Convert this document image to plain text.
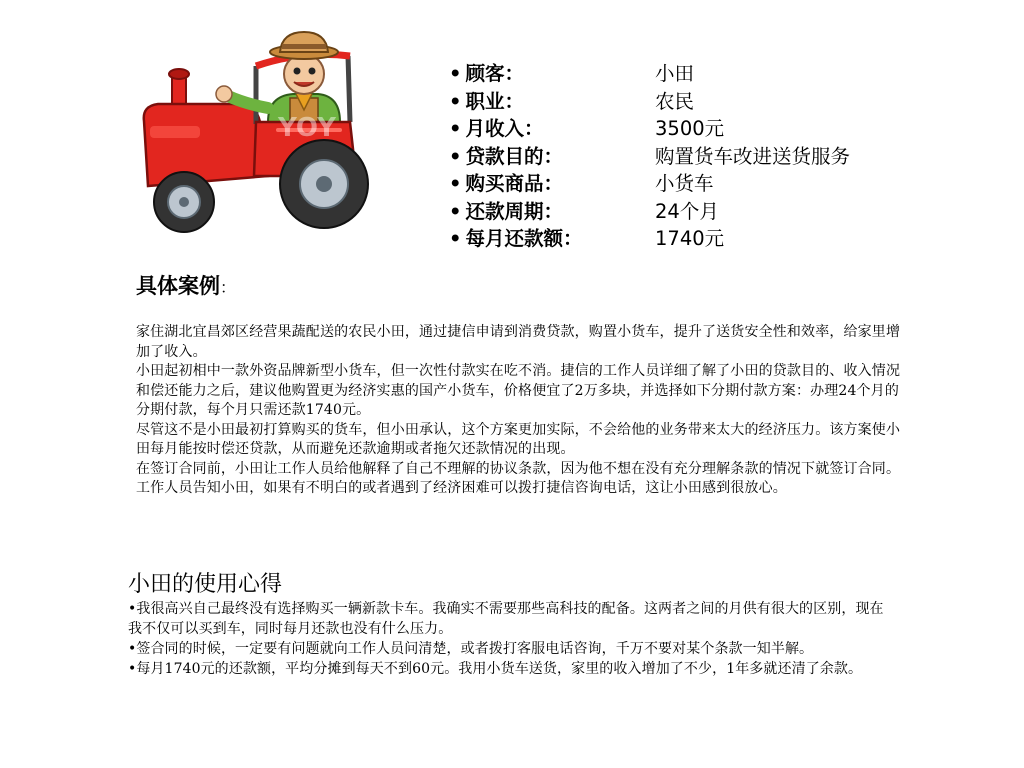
YOY
• 顾客：	小田
• 职业：	农民
• 月收入：	3500元
• 贷款目的：	购置货车改进送货服务
• 购买商品：	小货车
• 还款周期：	24个月
• 每月还款额：	1740元
具体案例：

家住湖北宜昌郊区经营果蔬配送的农民小田，通过捷信申请到消费贷款，购置小货车，提升了送货安全性和效率，给家里增加了收入。

小田起初相中一款外资品牌新型小货车，但一次性付款实在吃不消。捷信的工作人员详细了解了小田的贷款目的、收入情况和偿还能力之后，建议他购置更为经济实惠的国产小货车，价格便宜了2万多块，并选择如下分期付款方案：办理24个月的分期付款，每个月只需还款1740元。

尽管这不是小田最初打算购买的货车，但小田承认，这个方案更加实际，不会给他的业务带来太大的经济压力。该方案使小田每月能按时偿还贷款，从而避免还款逾期或者拖欠还款情况的出现。

在签订合同前，小田让工作人员给他解释了自己不理解的协议条款，因为他不想在没有充分理解条款的情况下就签订合同。工作人员告知小田，如果有不明白的或者遇到了经济困难可以拨打捷信咨询电话，这让小田感到很放心。

小田的使用心得

•我很高兴自己最终没有选择购买一辆新款卡车。我确实不需要那些高科技的配备。这两者之间的月供有很大的区别，现在我不仅可以买到车，同时每月还款也没有什么压力。

•签合同的时候，一定要有问题就向工作人员问清楚，或者拨打客服电话咨询，千万不要对某个条款一知半解。

•每月1740元的还款额，平均分摊到每天不到60元。我用小货车送货，家里的收入增加了不少，1年多就还清了余款。
